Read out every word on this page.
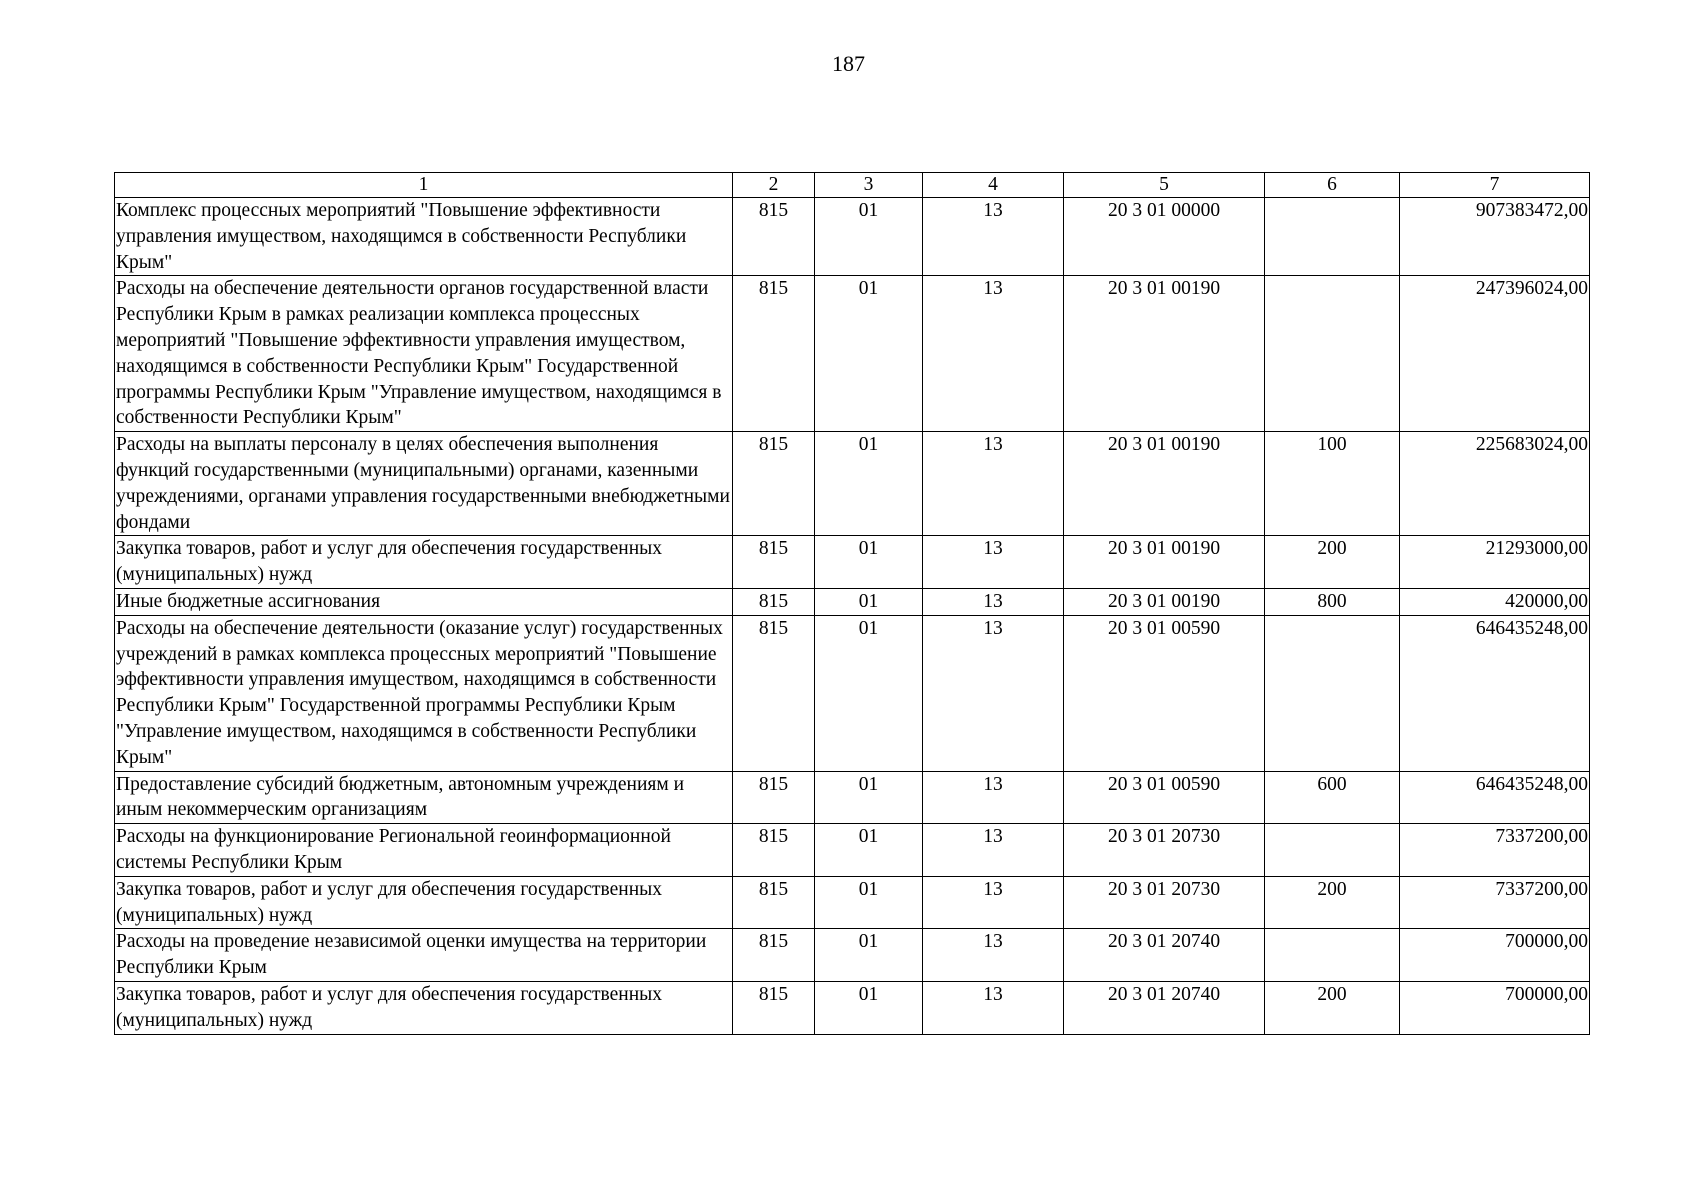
187
1	2	3	4	5	6	7
Комплекс процессных мероприятий "Повышение эффективности управления имуществом, находящимся в собственности Республики Крым"	815	01	13	20 3 01 00000		907383472,00
Расходы на обеспечение деятельности органов государственной власти Республики Крым в рамках реализации комплекса процессных мероприятий "Повышение эффективности управления имуществом, находящимся в собственности Республики Крым" Государственной программы Республики Крым "Управление имуществом, находящимся в собственности Республики Крым"	815	01	13	20 3 01 00190		247396024,00
Расходы на выплаты персоналу в целях обеспечения выполнения функций государственными (муниципальными) органами, казенными учреждениями, органами управления государственными внебюджетными фондами	815	01	13	20 3 01 00190	100	225683024,00
Закупка товаров, работ и услуг для обеспечения государственных (муниципальных) нужд	815	01	13	20 3 01 00190	200	21293000,00
Иные бюджетные ассигнования	815	01	13	20 3 01 00190	800	420000,00
Расходы на обеспечение деятельности (оказание услуг) государственных учреждений в рамках комплекса процессных мероприятий "Повышение эффективности управления имуществом, находящимся в собственности Республики Крым" Государственной программы Республики Крым "Управление имуществом, находящимся в собственности Республики Крым"	815	01	13	20 3 01 00590		646435248,00
Предоставление субсидий бюджетным, автономным учреждениям и иным некоммерческим организациям	815	01	13	20 3 01 00590	600	646435248,00
Расходы на функционирование Региональной геоинформационной системы Республики Крым	815	01	13	20 3 01 20730		7337200,00
Закупка товаров, работ и услуг для обеспечения государственных (муниципальных) нужд	815	01	13	20 3 01 20730	200	7337200,00
Расходы на проведение независимой оценки имущества на территории Республики Крым	815	01	13	20 3 01 20740		700000,00
Закупка товаров, работ и услуг для обеспечения государственных (муниципальных) нужд	815	01	13	20 3 01 20740	200	700000,00
